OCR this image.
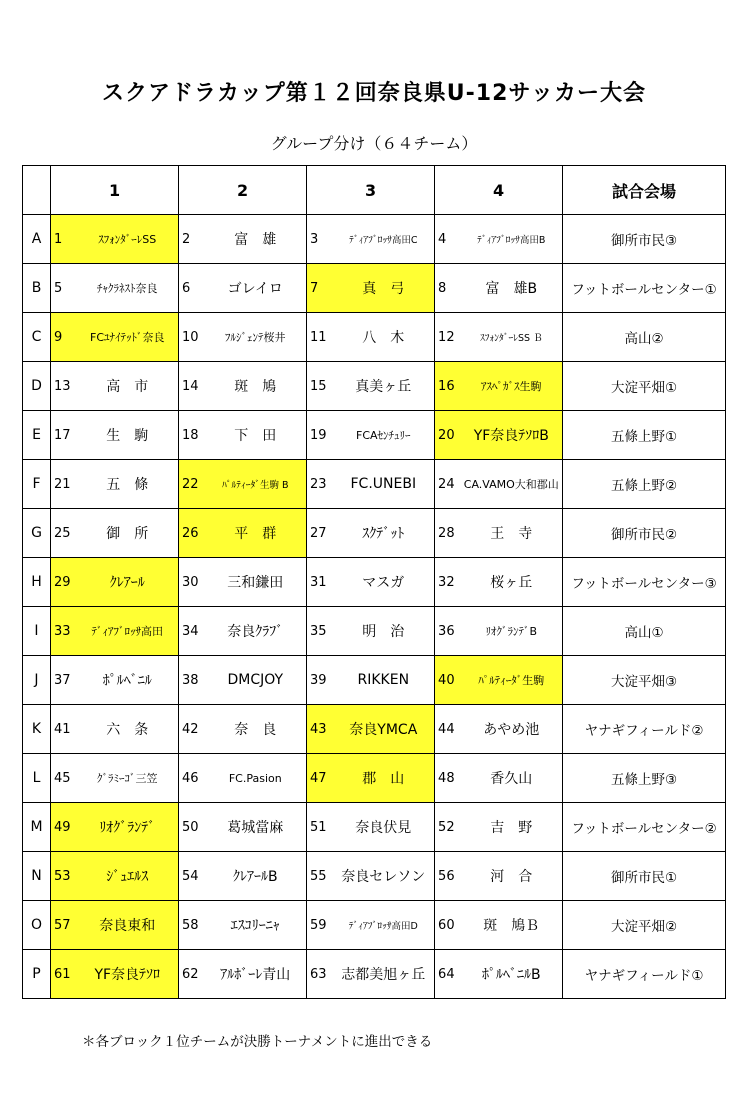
スクアドラカップ第１２回奈良県U-12サッカー大会
グループ分け（６４チーム）
	1		2		3		4		試合会場
A	1	ｽﾌｫﾝﾀﾞｰﾚSS	2	富　雄	3	ﾃﾞｨｱﾌﾞﾛｯｻ高田C	4	ﾃﾞｨｱﾌﾞﾛｯｻ高田B	御所市民③
B	5	ﾁｬｸﾗﾈｽﾄ奈良	6	ゴレイロ	7	真　弓	8	富　雄B	フットボールセンター①
C	9	FCﾕﾅｲﾃｯﾄﾞ奈良	10	ﾌﾙｼﾞｪﾝﾃ桜井	11	八　木	12	ｽﾌｫﾝﾀﾞｰﾚSS Ｂ	高山②
D	13	高　市	14	斑　鳩	15	真美ヶ丘	16	ｱｽﾍﾟｶﾞｽ生駒	大淀平畑①
E	17	生　駒	18	下　田	19	FCAｾﾝﾁｭﾘｰ	20	YF奈良ﾃｿﾛB	五條上野①
F	21	五　條	22	ﾊﾟﾙﾃｨｰﾀﾞ生駒 B	23	FC.UNEBI	24	CA.VAMO大和郡山	五條上野②
G	25	御　所	26	平　群	27	ｽｸﾃﾞｯﾄ	28	王　寺	御所市民②
H	29	ｸﾚｱｰﾙ	30	三和鎌田	31	マスガ	32	桜ヶ丘	フットボールセンター③
I	33	ﾃﾞｨｱﾌﾞﾛｯｻ高田	34	奈良ｸﾗﾌﾞ	35	明　治	36	ﾘｵｸﾞﾗﾝﾃﾞB	高山①
J	37	ﾎﾟﾙﾍﾞﾆﾙ	38	DMCJOY	39	RIKKEN	40	ﾊﾟﾙﾃｨｰﾀﾞ生駒	大淀平畑③
K	41	六　条	42	奈　良	43	奈良YMCA	44	あやめ池	ヤナギフィールド②
L	45	ｸﾞﾗﾐｰｺﾞ三笠	46	FC.Pasion	47	郡　山	48	香久山	五條上野③
M	49	ﾘｵｸﾞﾗﾝﾃﾞ	50	葛城當麻	51	奈良伏見	52	吉　野	フットボールセンター②
N	53	ｼﾞｭｴﾙｽ	54	ｸﾚｱｰﾙB	55	奈良セレソン	56	河　合	御所市民①
O	57	奈良東和	58	ｴｽｺﾘｰﾆｬ	59	ﾃﾞｨｱﾌﾞﾛｯｻ高田D	60	斑　鳩Ｂ	大淀平畑②
P	61	YF奈良ﾃｿﾛ	62	ｱﾙﾎﾞｰﾚ青山	63	志都美旭ヶ丘	64	ﾎﾟﾙﾍﾞﾆﾙB	ヤナギフィールド①
＊各ブロック１位チームが決勝トーナメントに進出できる
